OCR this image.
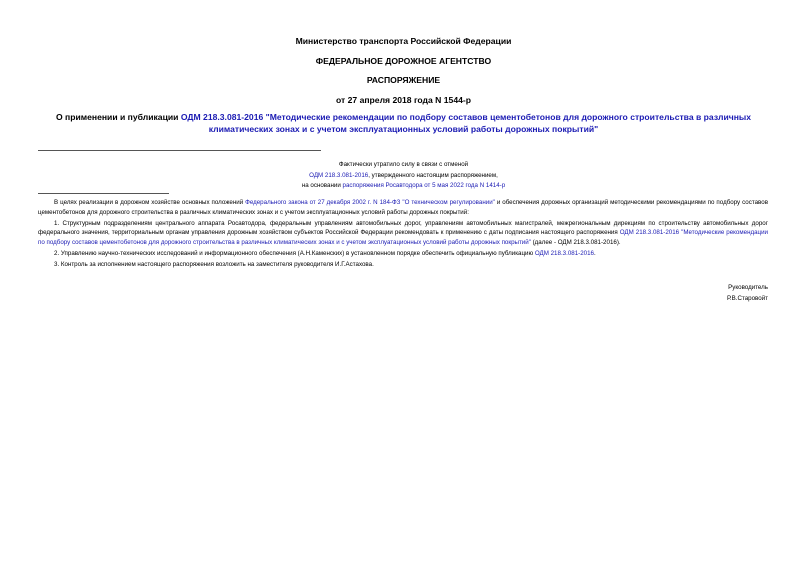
Министерство транспорта Российской Федерации
ФЕДЕРАЛЬНОЕ ДОРОЖНОЕ АГЕНТСТВО
РАСПОРЯЖЕНИЕ
от 27 апреля 2018 года N 1544-р
О применении и публикации ОДМ 218.3.081-2016 "Методические рекомендации по подбору составов цементобетонов для дорожного строительства в различных климатических зонах и с учетом эксплуатационных условий работы дорожных покрытий"
Фактически утратило силу в связи с отменой
ОДМ 218.3.081-2016, утвержденного настоящим распоряжением,
на основании распоряжения Росавтодора от 5 мая 2022 года N 1414-р

В целях реализации в дорожном хозяйстве основных положений Федерального закона от 27 декабря 2002 г. N 184-ФЗ "О техническом регулировании" и обеспечения дорожных организаций методическими рекомендациями по подбору составов цементобетонов для дорожного строительства в различных климатических зонах и с учетом эксплуатационных условий работы дорожных покрытий:

1. Структурным подразделениям центрального аппарата Росавтодора, федеральным управлениям автомобильных дорог, управлениям автомобильных магистралей, межрегиональным дирекциям по строительству автомобильных дорог федерального значения, территориальным органам управления дорожным хозяйством субъектов Российской Федерации рекомендовать к применению с даты подписания настоящего распоряжения ОДМ 218.3.081-2016 "Методические рекомендации по подбору составов цементобетонов для дорожного строительства в различных климатических зонах и с учетом эксплуатационных условий работы дорожных покрытий" (далее - ОДМ 218.3.081-2016).

2. Управлению научно-технических исследований и информационного обеспечения (А.Н.Каменских) в установленном порядке обеспечить официальную публикацию ОДМ 218.3.081-2016.

3. Контроль за исполнением настоящего распоряжения возложить на заместителя руководителя И.Г.Астахова.

Руководитель
Р.В.Старовойт
